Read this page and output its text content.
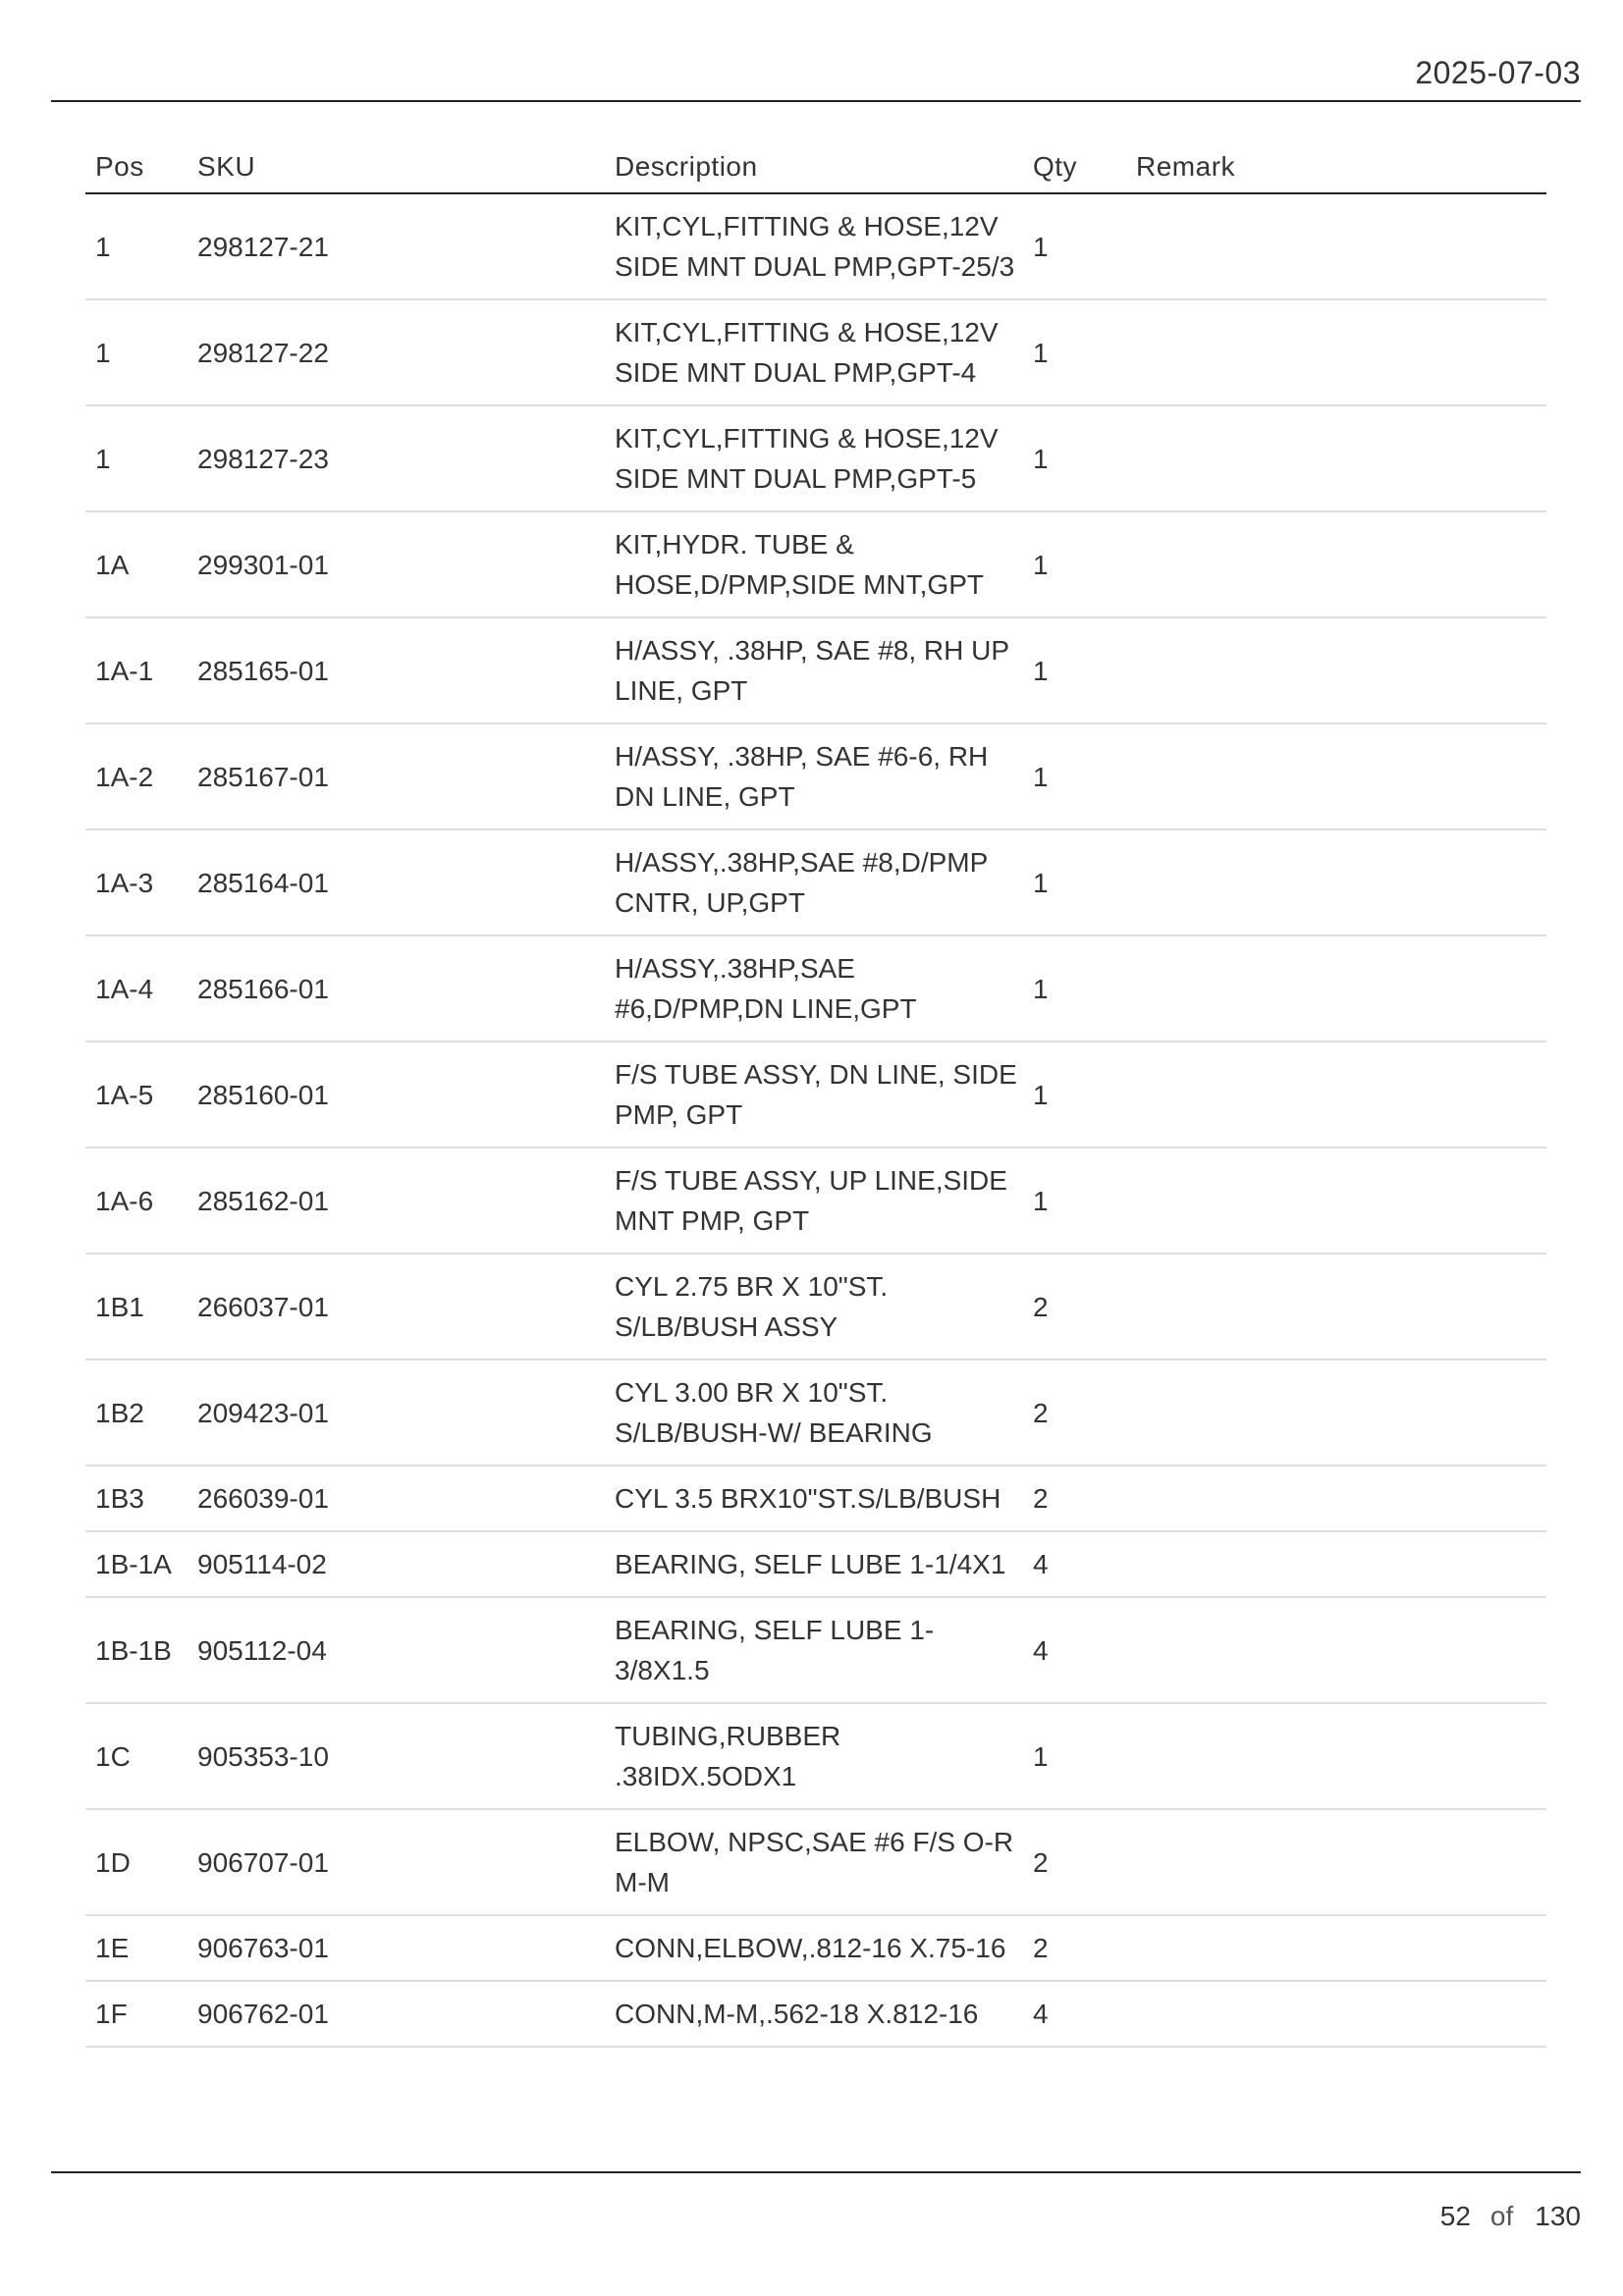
2025-07-03
Pos	SKU	Description	Qty	Remark
1	298127-21	KIT,CYL,FITTING & HOSE,12V SIDE MNT DUAL PMP,GPT-25/3	1	
1	298127-22	KIT,CYL,FITTING & HOSE,12V SIDE MNT DUAL PMP,GPT-4	1	
1	298127-23	KIT,CYL,FITTING & HOSE,12V SIDE MNT DUAL PMP,GPT-5	1	
1A	299301-01	KIT,HYDR. TUBE & HOSE,D/PMP,SIDE MNT,GPT	1	
1A-1	285165-01	H/ASSY, .38HP, SAE #8, RH UP LINE, GPT	1	
1A-2	285167-01	H/ASSY, .38HP, SAE #6-6, RH DN LINE, GPT	1	
1A-3	285164-01	H/ASSY,.38HP,SAE #8,D/PMP CNTR, UP,GPT	1	
1A-4	285166-01	H/ASSY,.38HP,SAE #6,D/PMP,DN LINE,GPT	1	
1A-5	285160-01	F/S TUBE ASSY, DN LINE, SIDE PMP, GPT	1	
1A-6	285162-01	F/S TUBE ASSY, UP LINE,SIDE MNT PMP, GPT	1	
1B1	266037-01	CYL 2.75 BR X 10"ST. S/LB/BUSH ASSY	2	
1B2	209423-01	CYL 3.00 BR X 10"ST. S/LB/BUSH-W/ BEARING	2	
1B3	266039-01	CYL 3.5 BRX10"ST.S/LB/BUSH	2	
1B-1A	905114-02	BEARING, SELF LUBE 1-1/4X1	4	
1B-1B	905112-04	BEARING, SELF LUBE 1-3/8X1.5	4	
1C	905353-10	TUBING,RUBBER .38IDX.5ODX1	1	
1D	906707-01	ELBOW, NPSC,SAE #6 F/S O-R M-M	2	
1E	906763-01	CONN,ELBOW,.812-16 X.75-16	2	
1F	906762-01	CONN,M-M,.562-18 X.812-16	4	
52 of 130
